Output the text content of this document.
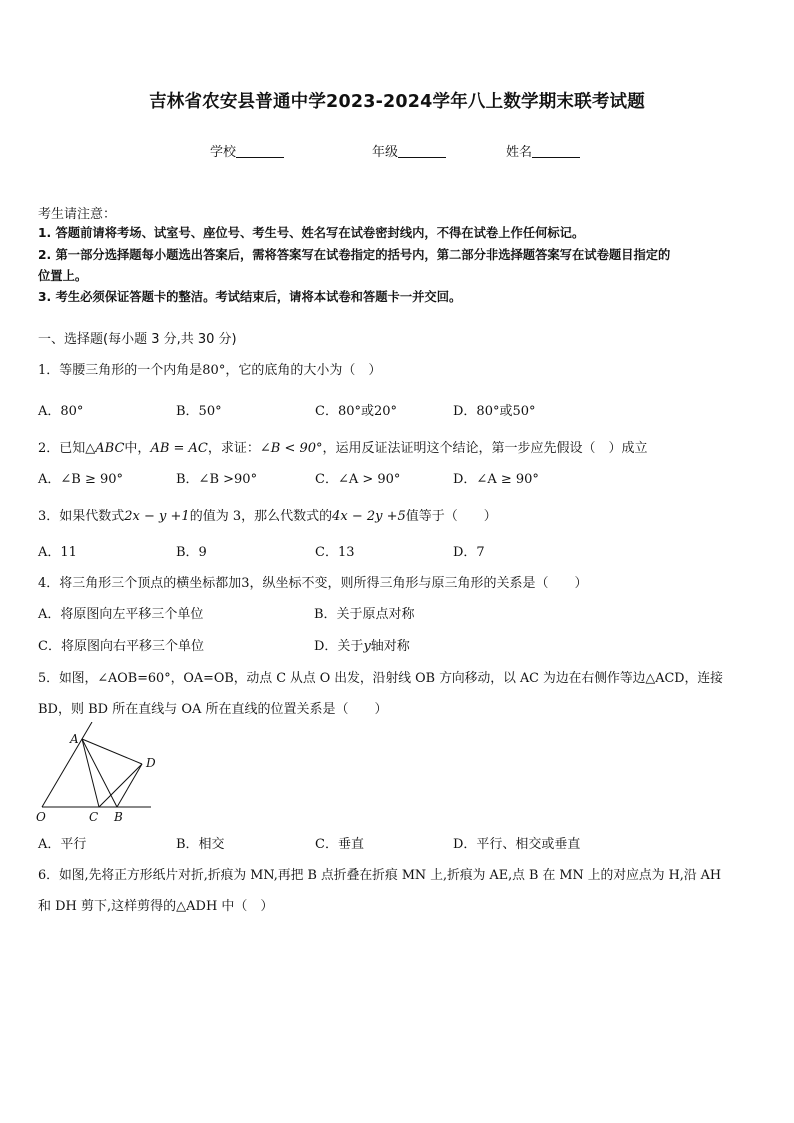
吉林省农安县普通中学2023-2024学年八上数学期末联考试题
学校	年级	姓名
考生请注意：
1. 答题前请将考场、试室号、座位号、考生号、姓名写在试卷密封线内，不得在试卷上作任何标记。
2. 第一部分选择题每小题选出答案后，需将答案写在试卷指定的括号内，第二部分非选择题答案写在试卷题目指定的
位置上。
3. 考生必须保证答题卡的整洁。考试结束后，请将本试卷和答题卡一并交回。
一、选择题(每小题 3 分,共 30 分)
1．等腰三角形的一个内角是80°，它的底角的大小为（　）
A．80°	B．50°	C．80°或20°	D．80°或50°
2．已知△ABC中，AB = AC，求证：∠B < 90°，运用反证法证明这个结论，第一步应先假设（　）成立
A．∠B ≥ 90°	B．∠B >90°	C．∠A > 90°	D．∠A ≥ 90°
3．如果代数式2x − y +1的值为 3，那么代数式的4x − 2y +5值等于（　　）
A．11	B．9	C．13	D．7
4．将三角形三个顶点的横坐标都加3，纵坐标不变，则所得三角形与原三角形的关系是（　　）
A．将原图向左平移三个单位	B．关于原点对称
C．将原图向右平移三个单位	D．关于y轴对称
5．如图，∠AOB=60°，OA=OB，动点 C 从点 O 出发，沿射线 OB 方向移动，以 AC 为边在右侧作等边△ACD，连接
BD，则 BD 所在直线与 OA 所在直线的位置关系是（　　）
A
D
O	C B
A．平行	B．相交	C．垂直	D．平行、相交或垂直
6．如图,先将正方形纸片对折,折痕为 MN,再把 B 点折叠在折痕 MN 上,折痕为 AE,点 B 在 MN 上的对应点为 H,沿 AH
和 DH 剪下,这样剪得的△ADH 中（　）
